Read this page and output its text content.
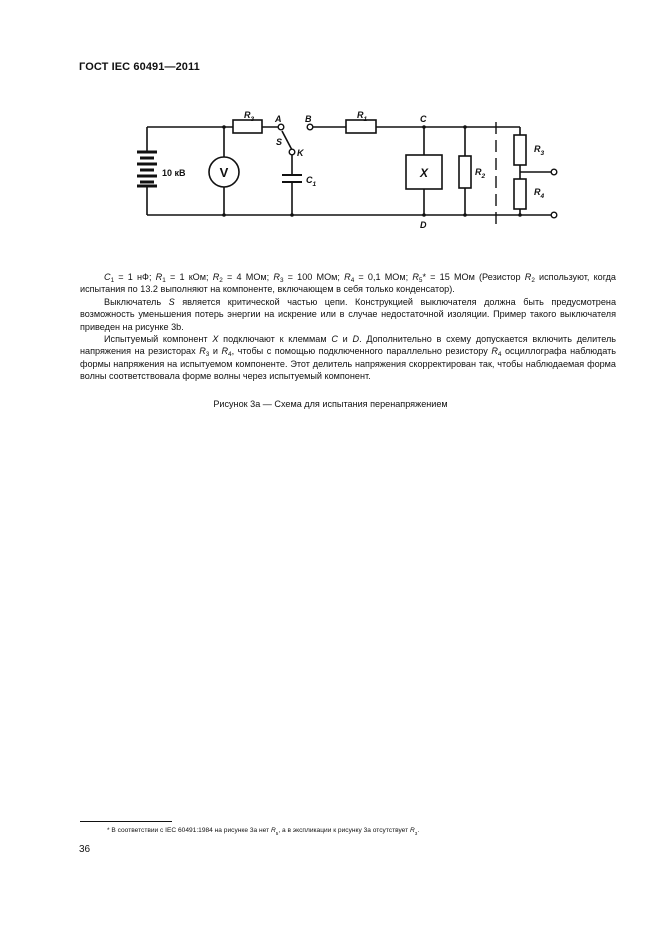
ГОСТ IEC 60491—2011
10 кВ	V
$R_3$ A
S
K
B
$C_1$
$R_1$	C
D
X	$R_2$
$R_3$
$R_4$
$C_1 = 1$ нФ; $R_1 = 1$ кОм; $R_2 = 4$ МОм; $R_3 = 100$ МОм; $R_4 = 0,1$ МОм; $R_5* = 15$ МОм (Резистор $R_2$ используют, когда испытания по 13.2 выполняют на компоненте, включающем в себя только конденсатор).
Выключатель S является критической частью цепи. Конструкцией выключателя должна быть предусмотрена возможность уменьшения потерь энергии на искрение или в случае недостаточной изоляции. Пример такого выключателя приведен на рисунке 3b.
Испытуемый компонент X подключают к клеммам C и D. Дополнительно в схему допускается включить делитель напряжения на резисторах $R_3$ и $R_4$, чтобы с помощью подключенного параллельно резистору $R_4$ осциллографа наблюдать формы напряжения на испытуемом компоненте. Этот делитель напряжения скорректирован так, чтобы наблюдаемая форма волны соответствовала форме волны через испытуемый компонент.
Рисунок 3а — Схема для испытания перенапряжением
* В соответствии с IEC 60491:1984 на рисунке 3а нет $R_5$, а в экспликации к рисунку 3а отсутствует $R_3$.
36
